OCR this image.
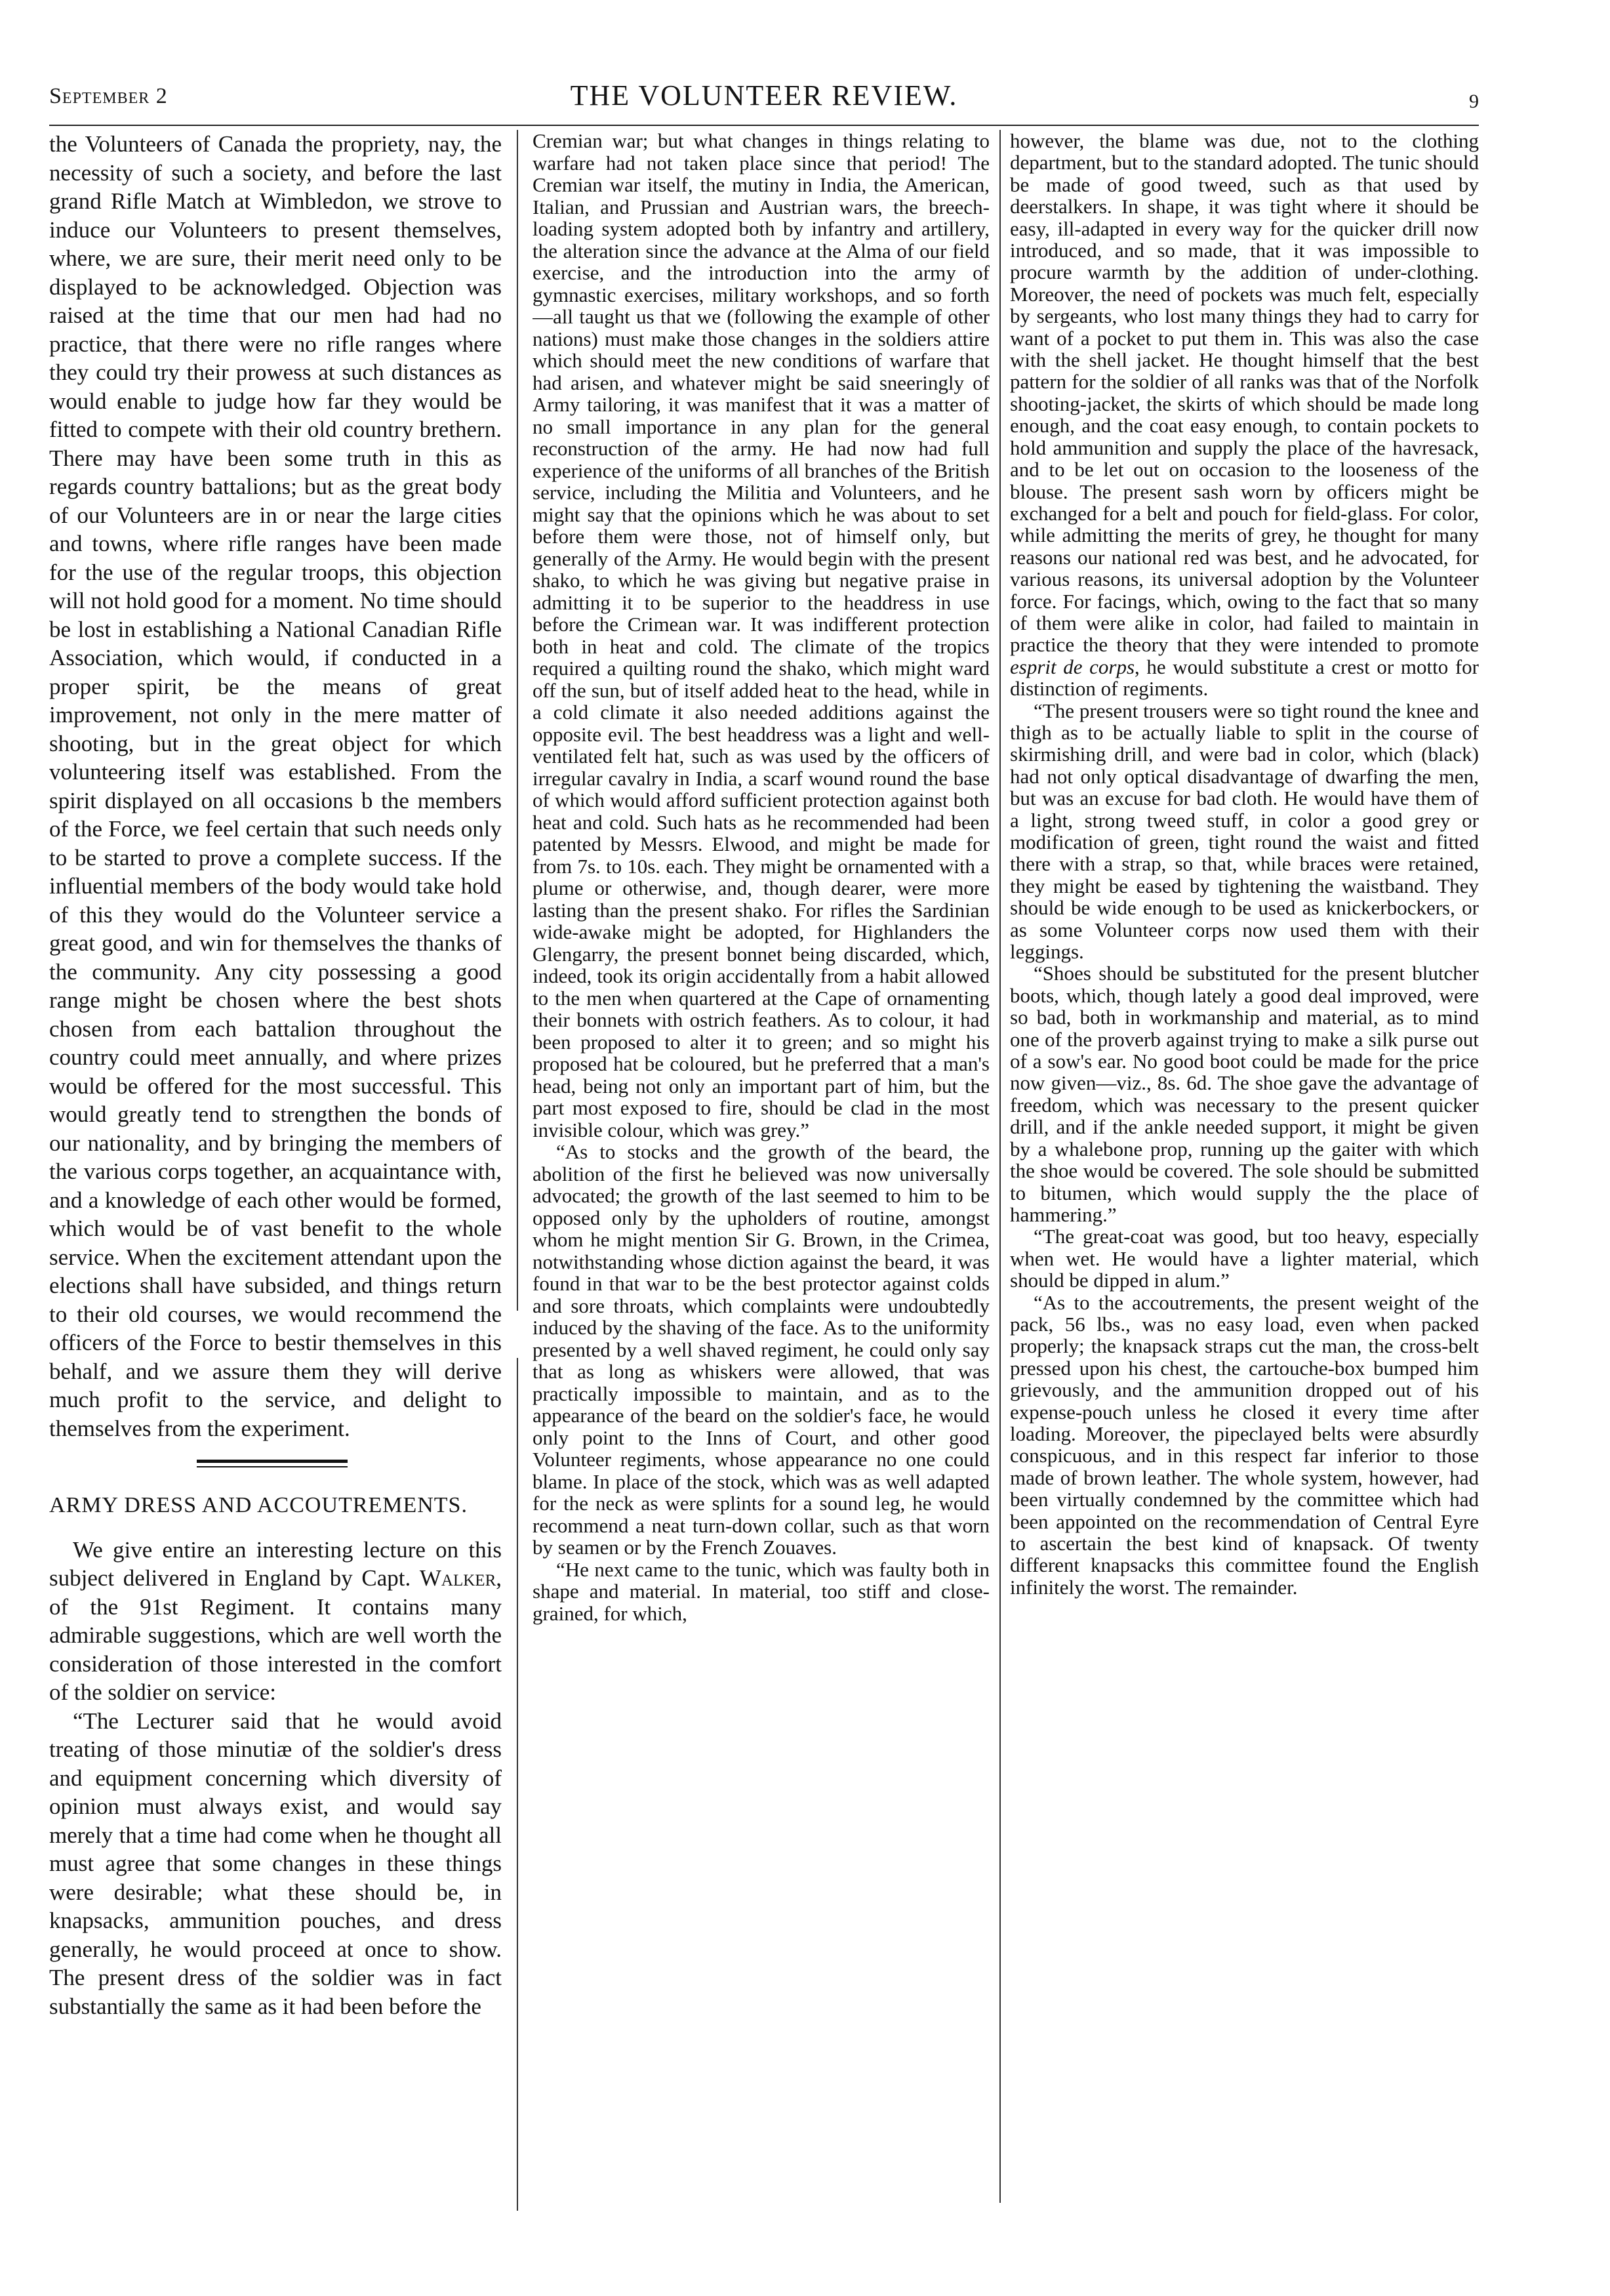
September 2	THE VOLUNTEER REVIEW.	9

the Volunteers of Canada the propriety, nay, the necessity of such a society, and before the last grand Rifle Match at Wimbledon, we strove to induce our Volunteers to present themselves, where, we are sure, their merit need only to be displayed to be acknowledged. Objection was raised at the time that our men had had no practice, that there were no rifle ranges where they could try their prowess at such distances as would enable to judge how far they would be fitted to compete with their old country brethern. There may have been some truth in this as regards country battalions; but as the great body of our Volunteers are in or near the large cities and towns, where rifle ranges have been made for the use of the regular troops, this objection will not hold good for a moment. No time should be lost in establishing a National Canadian Rifle Association, which would, if conducted in a proper spirit, be the means of great improvement, not only in the mere matter of shooting, but in the great object for which volunteering itself was established. From the spirit displayed on all occasions b the members of the Force, we feel certain that such needs only to be started to prove a complete success. If the influential members of the body would take hold of this they would do the Volunteer service a great good, and win for themselves the thanks of the community. Any city possessing a good range might be chosen where the best shots chosen from each battalion throughout the country could meet annually, and where prizes would be offered for the most successful. This would greatly tend to strengthen the bonds of our nationality, and by bringing the members of the various corps together, an acquaintance with, and a knowledge of each other would be formed, which would be of vast benefit to the whole service. When the excitement attendant upon the elections shall have subsided, and things return to their old courses, we would recommend the officers of the Force to bestir themselves in this behalf, and we assure them they will derive much profit to the service, and delight to themselves from the experiment.

ARMY DRESS AND ACCOUTREMENTS.

We give entire an interesting lecture on this subject delivered in England by Capt. Walker, of the 91st Regiment. It contains many admirable suggestions, which are well worth the consideration of those interested in the comfort of the soldier on service:

“The Lecturer said that he would avoid treating of those minutiæ of the soldier's dress and equipment concerning which diversity of opinion must always exist, and would say merely that a time had come when he thought all must agree that some changes in these things were desirable; what these should be, in knapsacks, ammunition pouches, and dress generally, he would proceed at once to show. The present dress of the soldier was in fact substantially the same as it had been before the

Cremian war; but what changes in things relating to warfare had not taken place since that period! The Cremian war itself, the mutiny in India, the American, Italian, and Prussian and Austrian wars, the breech-loading system adopted both by infantry and artillery, the alteration since the advance at the Alma of our field exercise, and the introduction into the army of gymnastic exercises, military workshops, and so forth—all taught us that we (following the example of other nations) must make those changes in the soldiers attire which should meet the new conditions of warfare that had arisen, and whatever might be said sneeringly of Army tailoring, it was manifest that it was a matter of no small importance in any plan for the general reconstruction of the army. He had now had full experience of the uniforms of all branches of the British service, including the Militia and Volunteers, and he might say that the opinions which he was about to set before them were those, not of himself only, but generally of the Army. He would begin with the present shako, to which he was giving but negative praise in admitting it to be superior to the headdress in use before the Crimean war. It was indifferent protection both in heat and cold. The climate of the tropics required a quilting round the shako, which might ward off the sun, but of itself added heat to the head, while in a cold climate it also needed additions against the opposite evil. The best headdress was a light and well-ventilated felt hat, such as was used by the officers of irregular cavalry in India, a scarf wound round the base of which would afford sufficient protection against both heat and cold. Such hats as he recommended had been patented by Messrs. Elwood, and might be made for from 7s. to 10s. each. They might be ornamented with a plume or otherwise, and, though dearer, were more lasting than the present shako. For rifles the Sardinian wide-awake might be adopted, for Highlanders the Glengarry, the present bonnet being discarded, which, indeed, took its origin accidentally from a habit allowed to the men when quartered at the Cape of ornamenting their bonnets with ostrich feathers. As to colour, it had been proposed to alter it to green; and so might his proposed hat be coloured, but he preferred that a man's head, being not only an important part of him, but the part most exposed to fire, should be clad in the most invisible colour, which was grey.”

“As to stocks and the growth of the beard, the abolition of the first he believed was now universally advocated; the growth of the last seemed to him to be opposed only by the upholders of routine, amongst whom he might mention Sir G. Brown, in the Crimea, notwithstanding whose diction against the beard, it was found in that war to be the best protector against colds and sore throats, which complaints were undoubtedly induced by the shaving of the face. As to the uniformity presented by a well shaved regiment, he could only say that as long as whiskers were allowed, that was practically impossible to maintain, and as to the appearance of the beard on the soldier's face, he would only point to the Inns of Court, and other good Volunteer regiments, whose appearance no one could blame. In place of the stock, which was as well adapted for the neck as were splints for a sound leg, he would recommend a neat turn-down collar, such as that worn by seamen or by the French Zouaves.

“He next came to the tunic, which was faulty both in shape and material. In material, too stiff and close-grained, for which,

however, the blame was due, not to the clothing department, but to the standard adopted. The tunic should be made of good tweed, such as that used by deerstalkers. In shape, it was tight where it should be easy, ill-adapted in every way for the quicker drill now introduced, and so made, that it was impossible to procure warmth by the addition of under-clothing. Moreover, the need of pockets was much felt, especially by sergeants, who lost many things they had to carry for want of a pocket to put them in. This was also the case with the shell jacket. He thought himself that the best pattern for the soldier of all ranks was that of the Norfolk shooting-jacket, the skirts of which should be made long enough, and the coat easy enough, to contain pockets to hold ammunition and supply the place of the havresack, and to be let out on occasion to the looseness of the blouse. The present sash worn by officers might be exchanged for a belt and pouch for field-glass. For color, while admitting the merits of grey, he thought for many reasons our national red was best, and he advocated, for various reasons, its universal adoption by the Volunteer force. For facings, which, owing to the fact that so many of them were alike in color, had failed to maintain in practice the theory that they were intended to promote esprit de corps, he would substitute a crest or motto for distinction of regiments.

“The present trousers were so tight round the knee and thigh as to be actually liable to split in the course of skirmishing drill, and were bad in color, which (black) had not only optical disadvantage of dwarfing the men, but was an excuse for bad cloth. He would have them of a light, strong tweed stuff, in color a good grey or modification of green, tight round the waist and fitted there with a strap, so that, while braces were retained, they might be eased by tightening the waistband. They should be wide enough to be used as knickerbockers, or as some Volunteer corps now used them with their leggings.

“Shoes should be substituted for the present blutcher boots, which, though lately a good deal improved, were so bad, both in workmanship and material, as to mind one of the proverb against trying to make a silk purse out of a sow's ear. No good boot could be made for the price now given—viz., 8s. 6d. The shoe gave the advantage of freedom, which was necessary to the present quicker drill, and if the ankle needed support, it might be given by a whalebone prop, running up the gaiter with which the shoe would be covered. The sole should be submitted to bitumen, which would supply the the place of hammering.”

“The great-coat was good, but too heavy, especially when wet. He would have a lighter material, which should be dipped in alum.”

“As to the accoutrements, the present weight of the pack, 56 lbs., was no easy load, even when packed properly; the knapsack straps cut the man, the cross-belt pressed upon his chest, the cartouche-box bumped him grievously, and the ammunition dropped out of his expense-pouch unless he closed it every time after loading. Moreover, the pipeclayed belts were absurdly conspicuous, and in this respect far inferior to those made of brown leather. The whole system, however, had been virtually condemned by the committee which had been appointed on the recommendation of Central Eyre to ascertain the best kind of knapsack. Of twenty different knapsacks this committee found the English infinitely the worst. The remainder.
